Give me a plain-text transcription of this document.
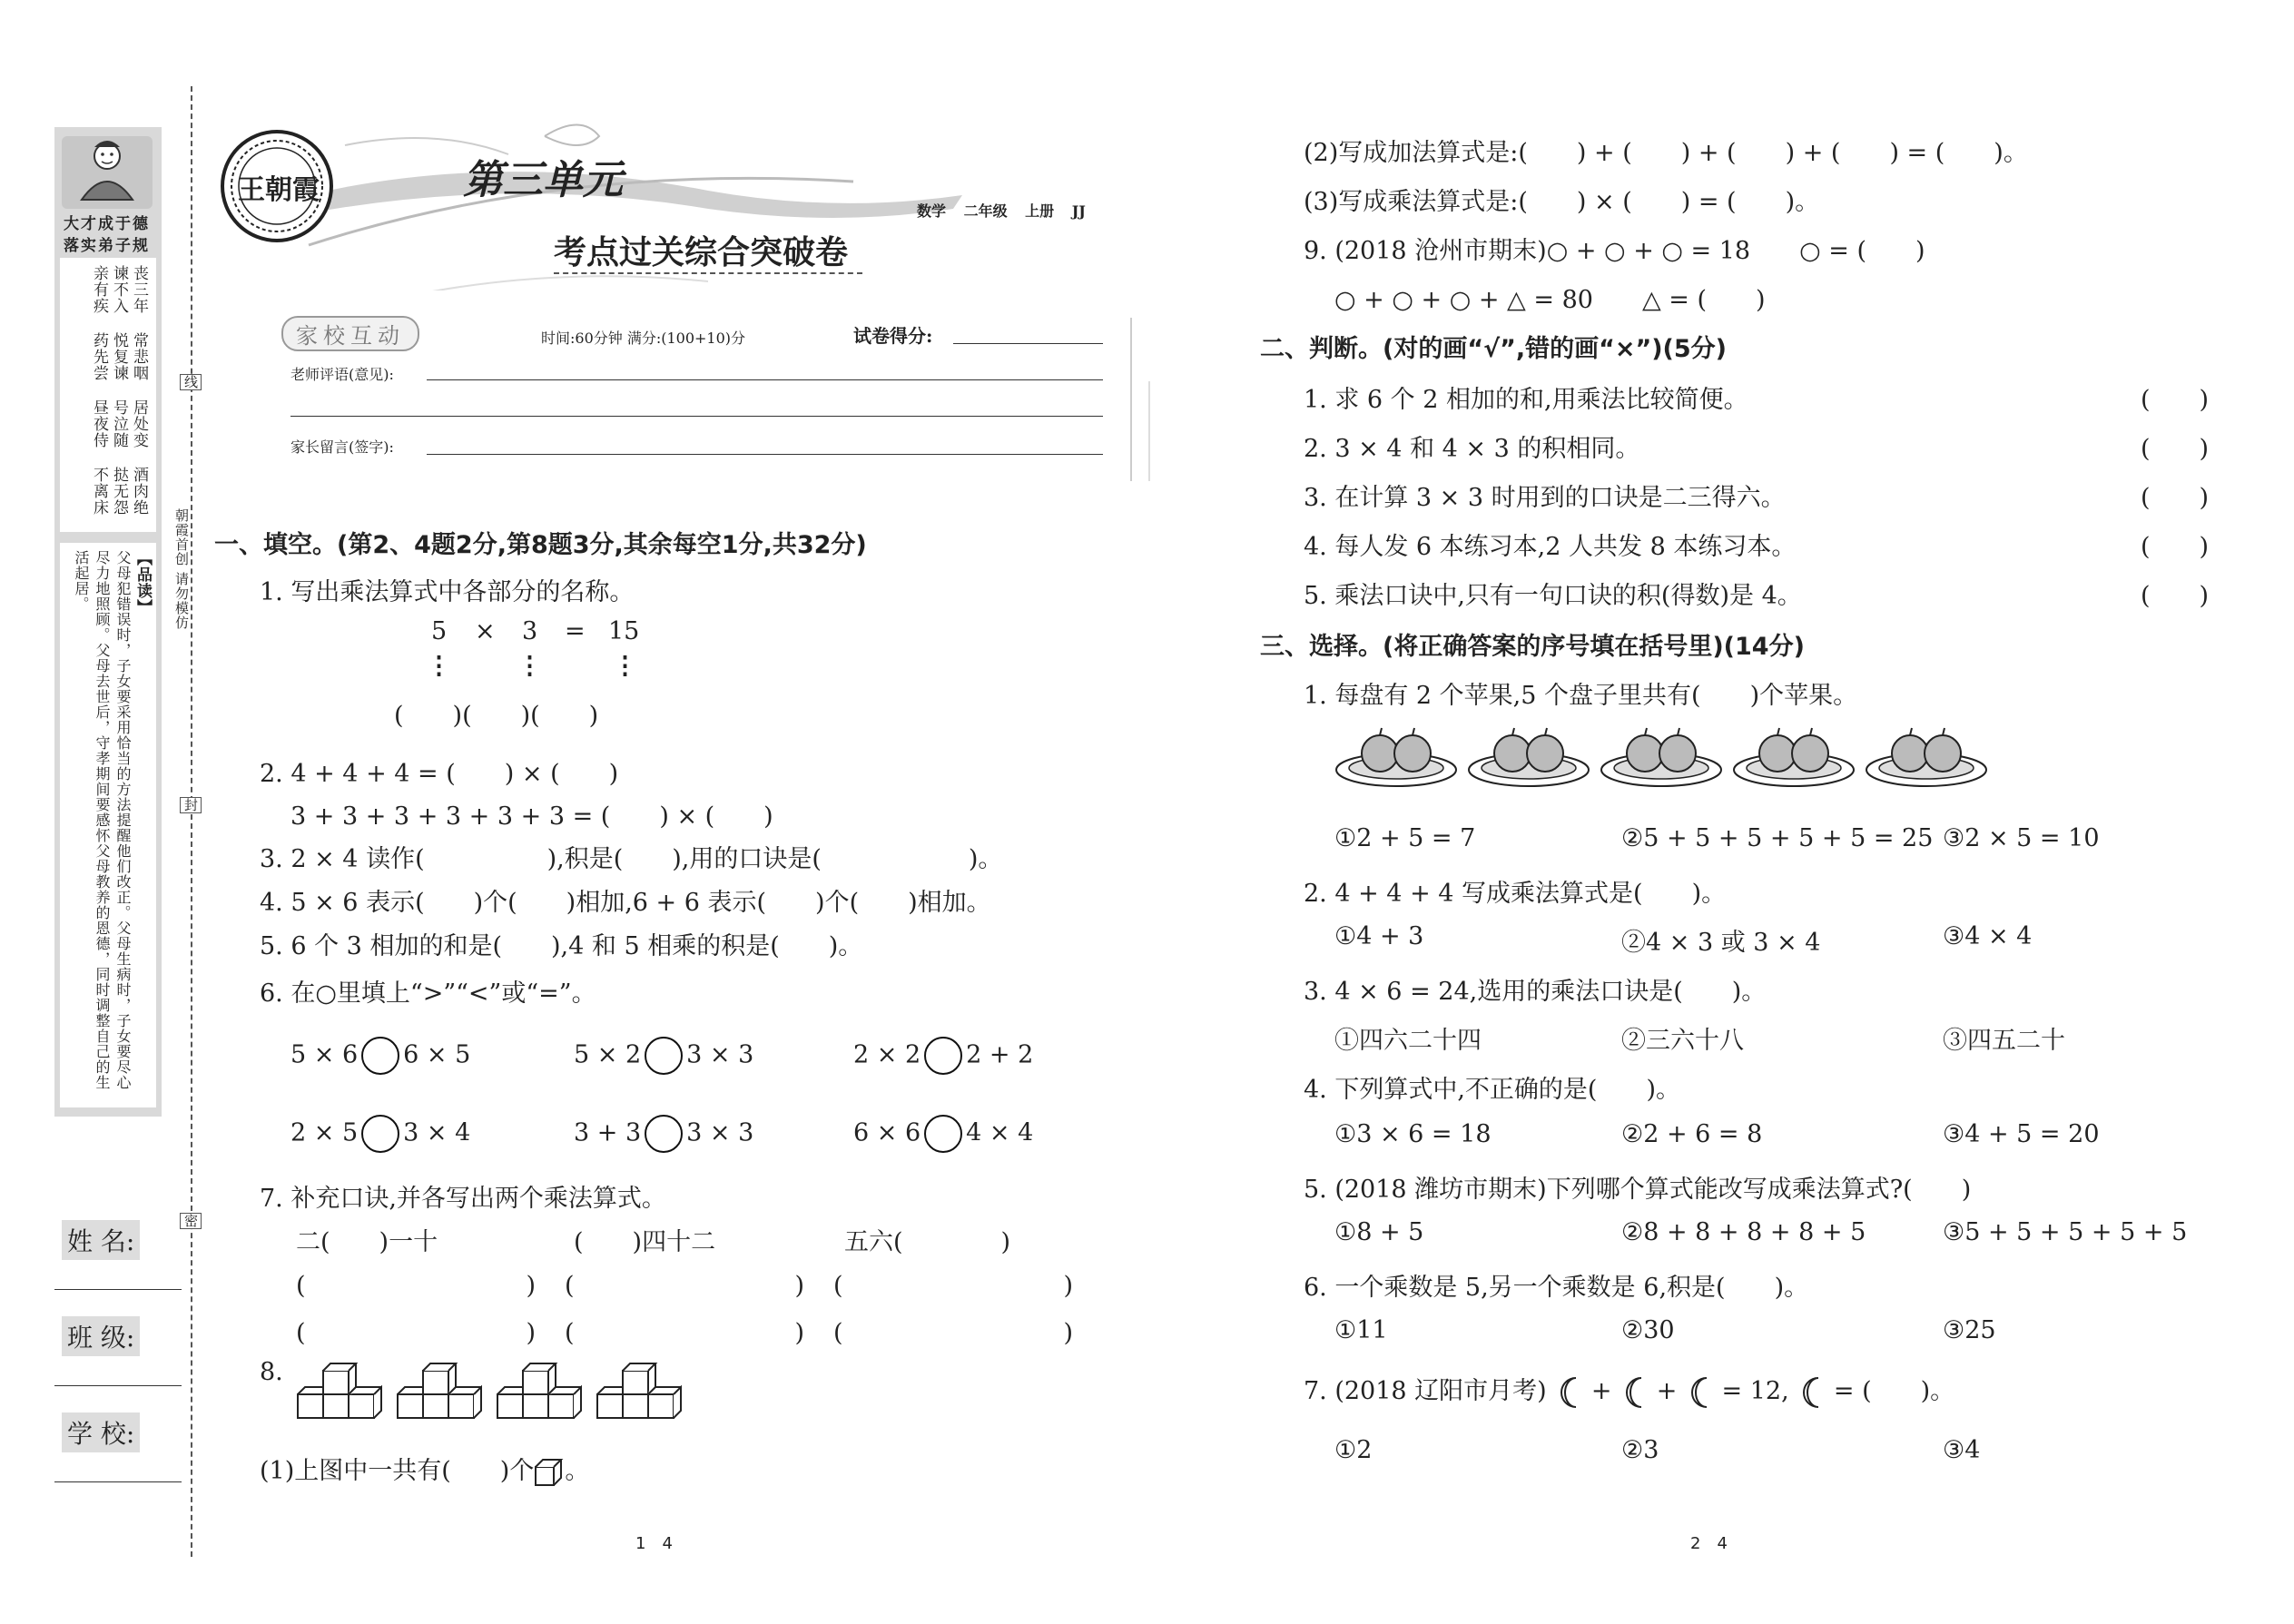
大才成于德
落实弟子规
丧三年
谏不入
亲有疾
常悲咽
悦复谏
药先尝
居处变
号泣随
昼夜侍
酒肉绝
挞无怨
不离床
【品读】
父母犯错误时，子女要采用恰当的方法提醒他们改正。父母生病时，子女要尽心尽力地照顾。父母去世后，守孝期间要感怀父母教养的恩德，同时调整自己的生活起居。
姓 名:
班 级:
学 校:
线
朝霞首创 请勿模仿
封
密
王朝霞	第三单元
考点过关综合突破卷
数学 二年级 上册 JJ
家校互动	时间:60分钟 满分:(100+10)分	试卷得分:
老师评语(意见):
家长留言(签字):
一、填空。(第2、4题2分,第8题3分,其余每空1分,共32分)
1. 写出乘法算式中各部分的名称。
5 × 3 = 15
⋮	⋮	⋮
(　　)(　　)(　　)
2. 4 + 4 + 4 = (　　) × (　　)
3 + 3 + 3 + 3 + 3 + 3 = (　　) × (　　)
3. 2 × 4 读作(　　　　　),积是(　　),用的口诀是(　　　　　　)。
4. 5 × 6 表示(　　)个(　　)相加,6 + 6 表示(　　)个(　　)相加。
5. 6 个 3 相加的和是(　　),4 和 5 相乘的积是(　　)。
6. 在○里填上“>”“<”或“=”。
5 × 6 6 × 5	5 × 2 3 × 3	2 × 2 2 + 2
2 × 5 3 × 4	3 + 3 3 × 3	6 × 6 4 × 4
7. 补充口诀,并各写出两个乘法算式。
二(　　)一十	(　　)四十二	五六(　　　　)
(　　　　　　　　　) (　　　　　　　　　) (　　　　　　　　　)
(　　　　　　　　　) (　　　　　　　　　) (　　　　　　　　　)
8.
(1)上图中一共有(　　)个 。
(2)写成加法算式是:(　　) + (　　) + (　　) + (　　) = (　　)。
(3)写成乘法算式是:(　　) × (　　) = (　　)。
9. (2018 沧州市期末)○ + ○ + ○ = 18　　○ = (　　)
○ + ○ + ○ + △ = 80　　△ = (　　)
二、判断。(对的画“√”,错的画“×”)(5分)
1. 求 6 个 2 相加的和,用乘法比较简便。	(　　)
2. 3 × 4 和 4 × 3 的积相同。	(　　)
3. 在计算 3 × 3 时用到的口诀是二三得六。	(　　)
4. 每人发 6 本练习本,2 人共发 8 本练习本。	(　　)
5. 乘法口诀中,只有一句口诀的积(得数)是 4。	(　　)
三、选择。(将正确答案的序号填在括号里)(14分)
1. 每盘有 2 个苹果,5 个盘子里共有(　　)个苹果。
①2 + 5 = 7	②5 + 5 + 5 + 5 + 5 = 25 ③2 × 5 = 10
2. 4 + 4 + 4 写成乘法算式是(　　)。
①4 + 3	②4 × 3 或 3 × 4	③4 × 4
3. 4 × 6 = 24,选用的乘法口诀是(　　)。
①四六二十四	②三六十八	③四五二十
4. 下列算式中,不正确的是(　　)。
①3 × 6 = 18	②2 + 6 = 8	③4 + 5 = 20
5. (2018 潍坊市期末)下列哪个算式能改写成乘法算式?(　　)
①8 + 5	②8 + 8 + 8 + 8 + 5	③5 + 5 + 5 + 5 + 5
6. 一个乘数是 5,另一个乘数是 6,积是(　　)。
①11	②30	③25
7. (2018 辽阳市月考) + + = 12, = (　　)。
①2	②3	③4
1　4	2　4
